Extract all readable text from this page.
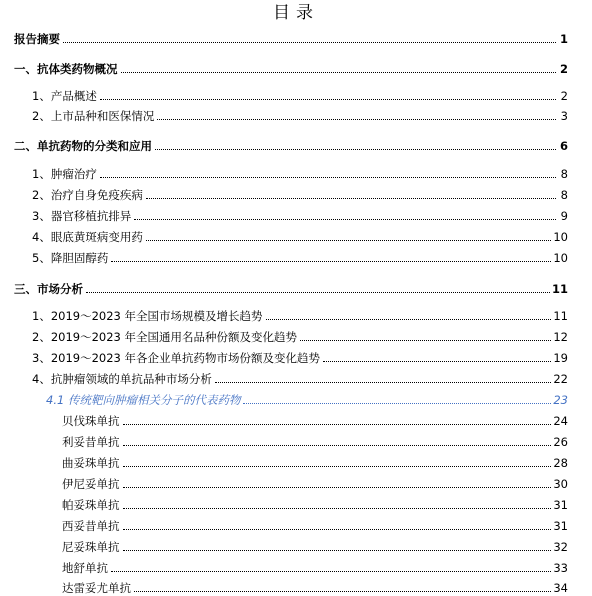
目录
报告摘要	1
一、抗体类药物概况	2
1、产品概述	2
2、上市品种和医保情况	3
二、单抗药物的分类和应用	6
1、肿瘤治疗	8
2、治疗自身免疫疾病	8
3、器官移植抗排异	9
4、眼底黄斑病变用药	10
5、降胆固醇药	10
三、市场分析	11
1、2019～2023 年全国市场规模及增长趋势	11
2、2019～2023 年全国通用名品种份额及变化趋势	12
3、2019～2023 年各企业单抗药物市场份额及变化趋势	19
4、抗肿瘤领域的单抗品种市场分析	22
4.1 传统靶向肿瘤相关分子的代表药物	23
贝伐珠单抗	24
利妥昔单抗	26
曲妥珠单抗	28
伊尼妥单抗	30
帕妥珠单抗	31
西妥昔单抗	31
尼妥珠单抗	32
地舒单抗	33
达雷妥尤单抗	34
